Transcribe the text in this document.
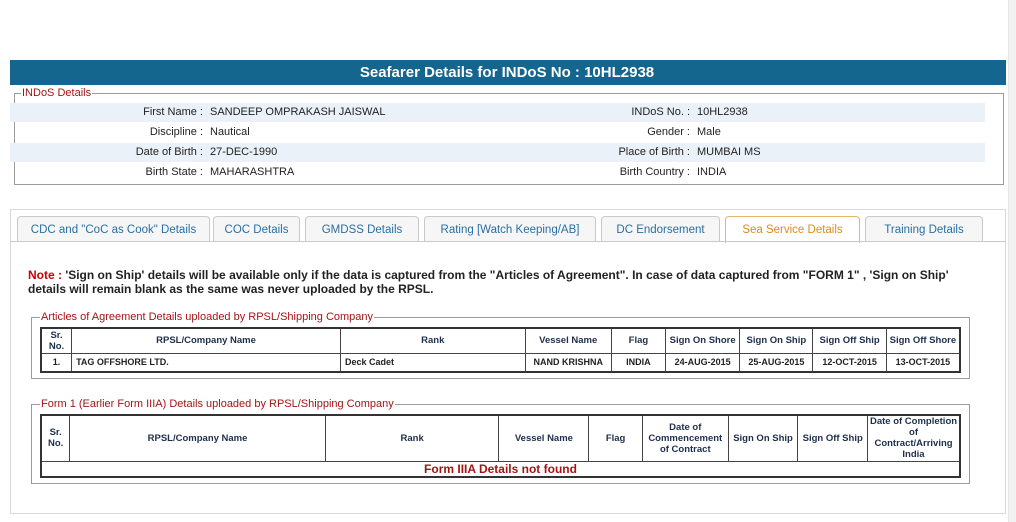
Seafarer Details for INDoS No : 10HL2938
INDoS Details
First Name : SANDEEP OMPRAKASH JAISWAL	INDoS No. : 10HL2938
Discipline : Nautical	Gender : Male
Date of Birth : 27-DEC-1990	Place of Birth : MUMBAI MS
Birth State : MAHARASHTRA	Birth Country : INDIA
CDC and "CoC as Cook" Details	COC Details	GMDSS Details	Rating [Watch Keeping/AB]	DC Endorsement	Sea Service Details	Training Details
Note : 'Sign on Ship' details will be available only if the data is captured from the "Articles of Agreement". In case of data captured from "FORM 1" , 'Sign on Ship' details will remain blank as the same was never uploaded by the RPSL.
Articles of Agreement Details uploaded by RPSL/Shipping Company
Sr. No.	RPSL/Company Name	Rank	Vessel Name	Flag	Sign On Shore	Sign On Ship	Sign Off Ship	Sign Off Shore
1.	TAG OFFSHORE LTD.	Deck Cadet	NAND KRISHNA	INDIA	24-AUG-2015	25-AUG-2015	12-OCT-2015	13-OCT-2015
Form 1 (Earlier Form IIIA) Details uploaded by RPSL/Shipping Company
Sr. No.	RPSL/Company Name	Rank	Vessel Name	Flag	Date of Commencement of Contract	Sign On Ship	Sign Off Ship	Date of Completion of Contract/Arriving India
Form IIIA Details not found
